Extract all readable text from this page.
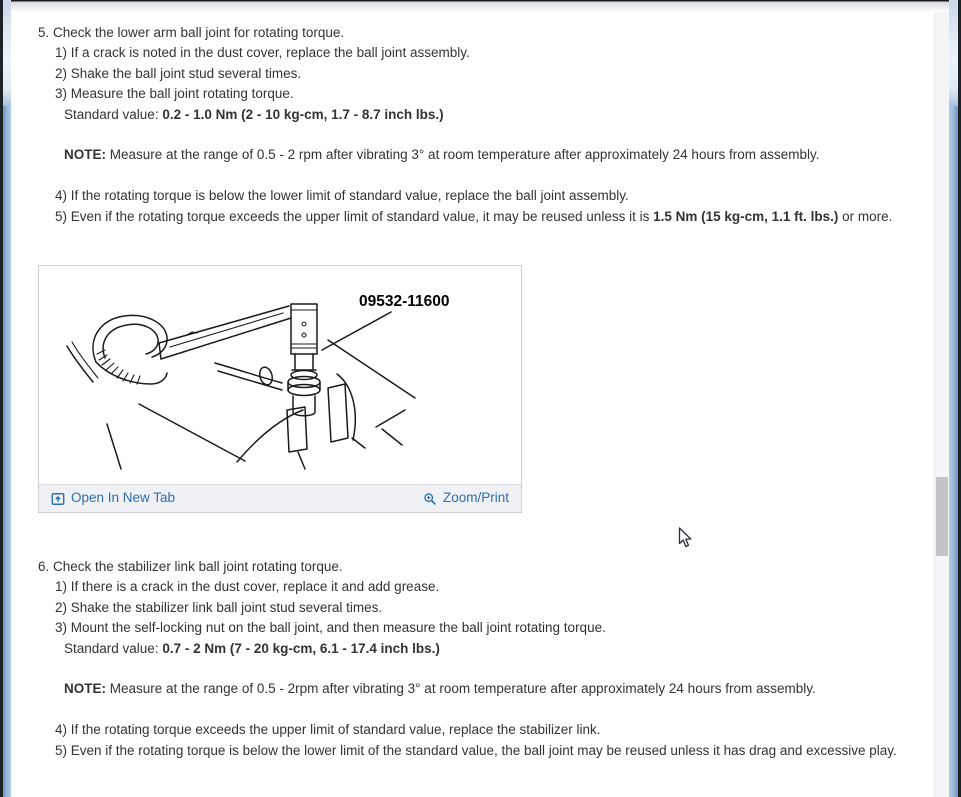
5. Check the lower arm ball joint for rotating torque.

1) If a crack is noted in the dust cover, replace the ball joint assembly.

2) Shake the ball joint stud several times.

3) Measure the ball joint rotating torque.

Standard value: 0.2 - 1.0 Nm (2 - 10 kg-cm, 1.7 - 8.7 inch lbs.)

NOTE: Measure at the range of 0.5 - 2 rpm after vibrating 3° at room temperature after approximately 24 hours from assembly.

4) If the rotating torque is below the lower limit of standard value, replace the ball joint assembly.

5) Even if the rotating torque exceeds the upper limit of standard value, it may be reused unless it is 1.5 Nm (15 kg-cm, 1.1 ft. lbs.) or more.

09532-11600
Open In New Tab	Zoom/Print

6. Check the stabilizer link ball joint rotating torque.

1) If there is a crack in the dust cover, replace it and add grease.

2) Shake the stabilizer link ball joint stud several times.

3) Mount the self-locking nut on the ball joint, and then measure the ball joint rotating torque.

Standard value: 0.7 - 2 Nm (7 - 20 kg-cm, 6.1 - 17.4 inch lbs.)

NOTE: Measure at the range of 0.5 - 2rpm after vibrating 3° at room temperature after approximately 24 hours from assembly.

4) If the rotating torque exceeds the upper limit of standard value, replace the stabilizer link.

5) Even if the rotating torque is below the lower limit of the standard value, the ball joint may be reused unless it has drag and excessive play.
